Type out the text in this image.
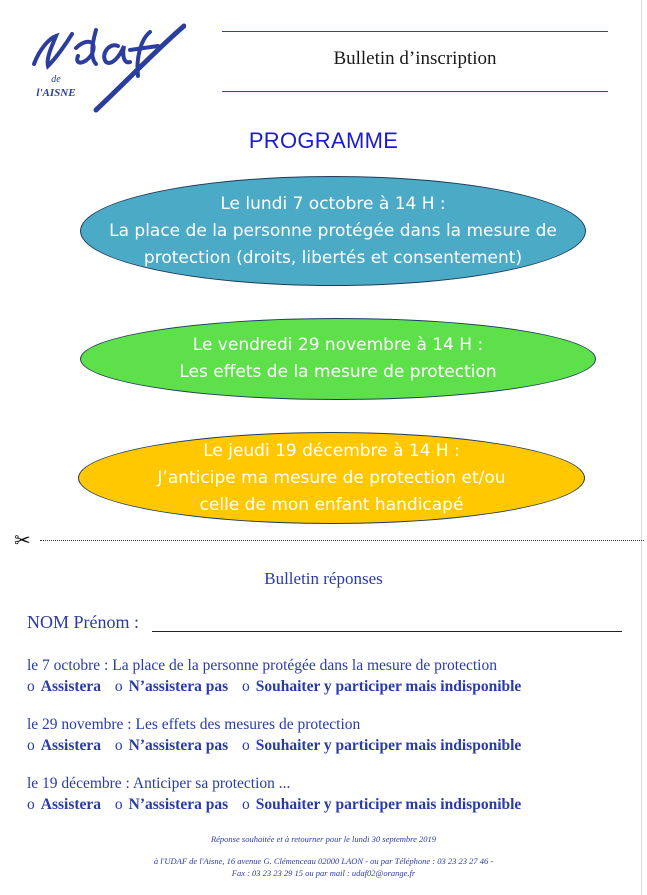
de
l'AISNE
Bulletin d’inscription
PROGRAMME
Le lundi 7 octobre à 14 H :
La place de la personne protégée dans la mesure de
protection (droits, libertés et consentement)
Le vendredi 29 novembre à 14 H :
Les effets de la mesure de protection
Le jeudi 19 décembre à 14 H :
J’anticipe ma mesure de protection et/ou
celle de mon enfant handicapé
✂
Bulletin réponses
NOM Prénom :
le 7 octobre : La place de la personne protégée dans la mesure de protection
o Assistera o N’assistera pas o Souhaiter y participer mais indisponible
le 29 novembre : Les effets des mesures de protection
o Assistera o N’assistera pas o Souhaiter y participer mais indisponible
le 19 décembre : Anticiper sa protection ...
o Assistera o N’assistera pas o Souhaiter y participer mais indisponible
Réponse souhaitée et à retourner pour le lundi 30 septembre 2019
à l'UDAF de l'Aisne, 16 avenue G. Clémenceau 02000 LAON - ou par Téléphone : 03 23 23 27 46 -
Fax : 03 23 23 29 15 ou par mail : udaf02@orange.fr
